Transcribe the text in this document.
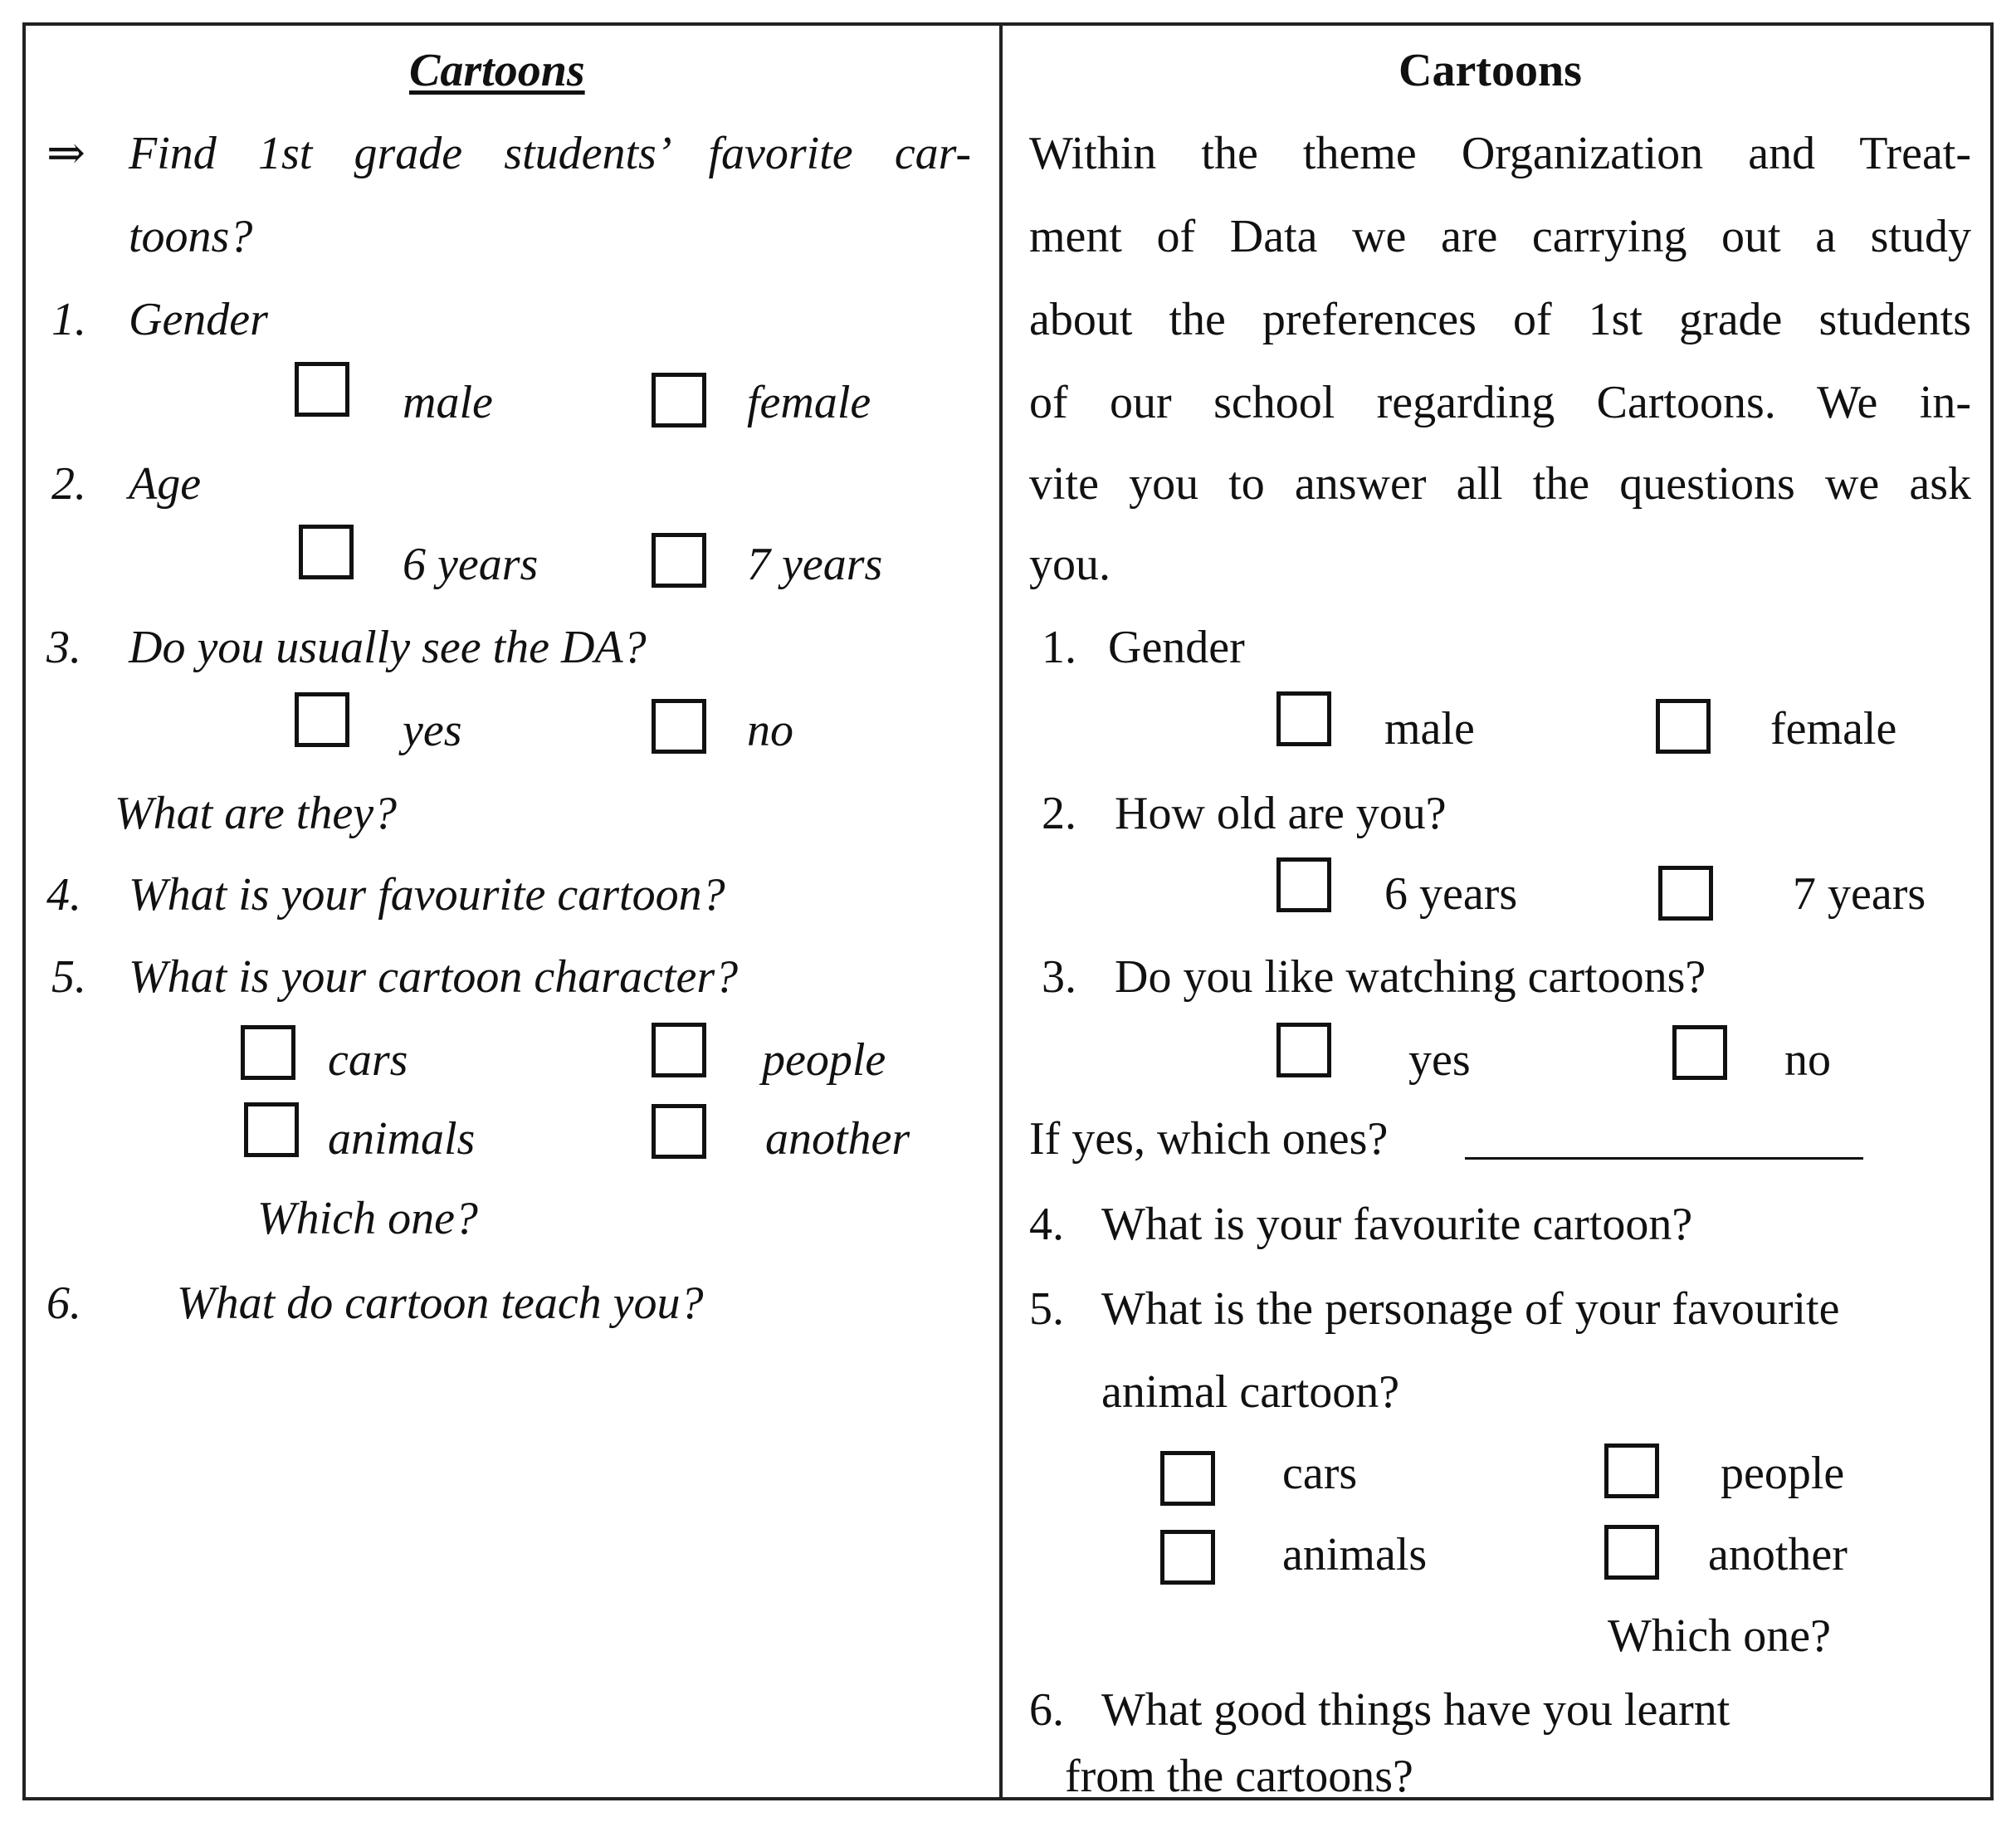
Cartoons
⇒ Find 1st grade students’ favorite car-
toons?
1. Gender
male	female
2. Age
6 years	7 years
3. Do you usually see the DA?
yes	no
What are they?
4. What is your favourite cartoon?
5. What is your cartoon character?
cars	people
animals	another
Which one?
6. What do cartoon teach you?
Cartoons
Within the theme Organization and Treat-
ment of Data we are carrying out a study
about the preferences of 1st grade students
of our school regarding Cartoons. We in-
vite you to answer all the questions we ask
you.
1. Gender
male	female
2. How old are you?
6 years	7 years
3. Do you like watching cartoons?
yes	no
If yes, which ones?
4. What is your favourite cartoon?
5. What is the personage of your favourite
animal cartoon?
cars	people
animals	another
Which one?
6. What good things have you learnt
from the cartoons?
